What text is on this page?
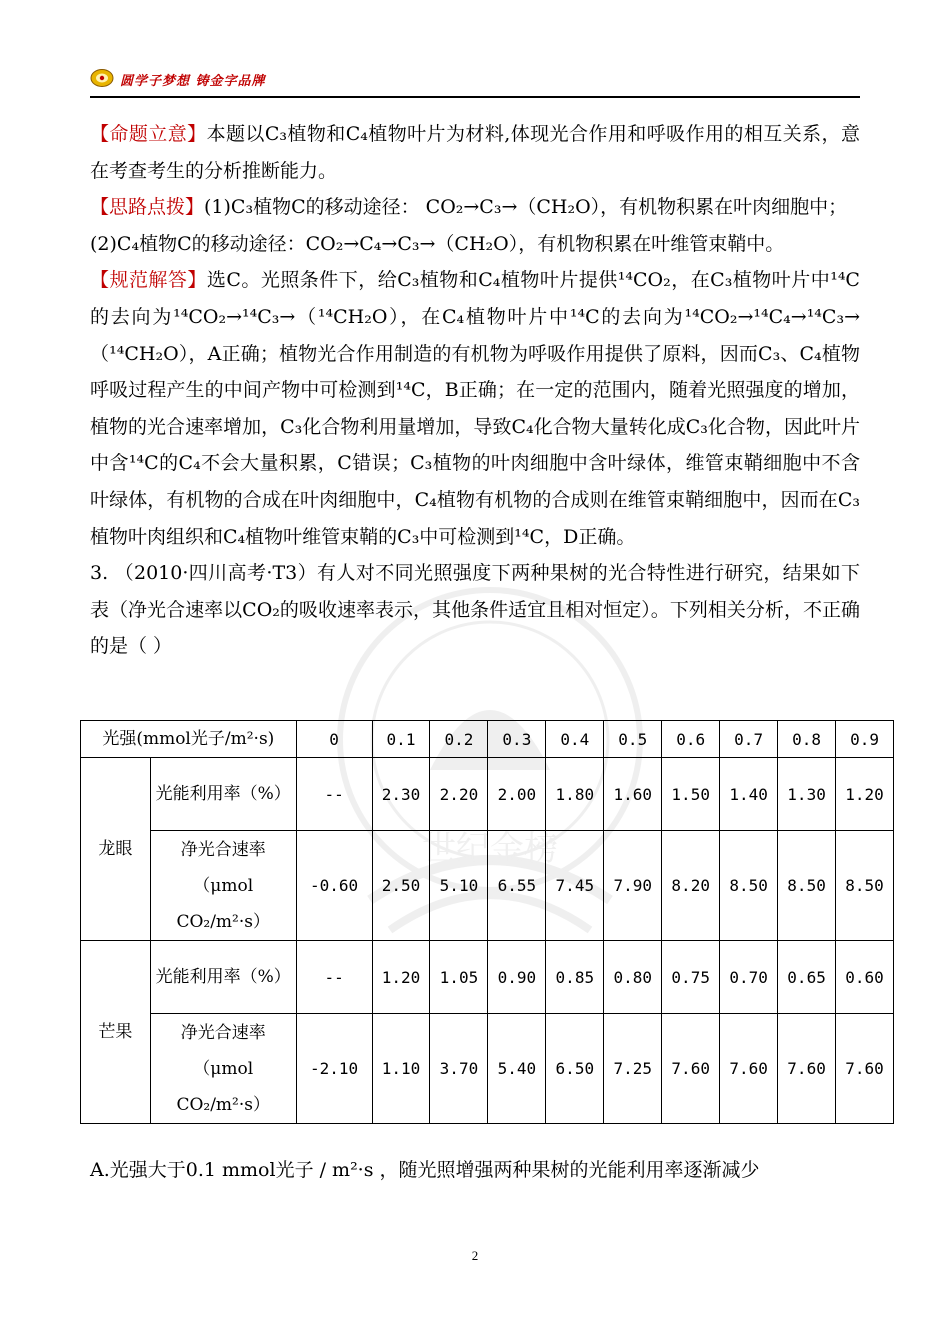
圆学子梦想 铸金字品牌
世纪金榜

【命题立意】本题以C₃植物和C₄植物叶片为材料,体现光合作用和呼吸作用的相互关系，意在考查考生的分析推断能力。

【思路点拨】(1)C₃植物C的移动途径： CO₂→C₃→（CH₂O），有机物积累在叶肉细胞中；

(2)C₄植物C的移动途径：CO₂→C₄→C₃→（CH₂O），有机物积累在叶维管束鞘中。

【规范解答】选C。光照条件下，给C₃植物和C₄植物叶片提供¹⁴CO₂，在C₃植物叶片中¹⁴C的去向为¹⁴CO₂→¹⁴C₃→（¹⁴CH₂O），在C₄植物叶片中¹⁴C的去向为¹⁴CO₂→¹⁴C₄→¹⁴C₃→（¹⁴CH₂O），A正确；植物光合作用制造的有机物为呼吸作用提供了原料，因而C₃、C₄植物呼吸过程产生的中间产物中可检测到¹⁴C，B正确；在一定的范围内，随着光照强度的增加，植物的光合速率增加，C₃化合物利用量增加，导致C₄化合物大量转化成C₃化合物，因此叶片中含¹⁴C的C₄不会大量积累，C错误；C₃植物的叶肉细胞中含叶绿体，维管束鞘细胞中不含叶绿体，有机物的合成在叶肉细胞中，C₄植物有机物的合成则在维管束鞘细胞中，因而在C₃植物叶肉组织和C₄植物叶维管束鞘的C₃中可检测到¹⁴C，D正确。

3. （2010·四川高考·T3）有人对不同光照强度下两种果树的光合特性进行研究，结果如下表（净光合速率以CO₂的吸收速率表示，其他条件适宜且相对恒定）。下列相关分析，不正确的是（ ）

光强(mmol光子/m²·s)		0	0.1	0.2	0.3	0.4	0.5	0.6	0.7	0.8	0.9
龙眼	光能利用率（%）	--	2.30	2.20	2.00	1.80	1.60	1.50	1.40	1.30	1.20
	净光合速率（μmol CO₂/m²·s）	-0.60	2.50	5.10	6.55	7.45	7.90	8.20	8.50	8.50	8.50
芒果	光能利用率（%）	--	1.20	1.05	0.90	0.85	0.80	0.75	0.70	0.65	0.60
	净光合速率（μmol CO₂/m²·s）	-2.10	1.10	3.70	5.40	6.50	7.25	7.60	7.60	7.60	7.60
A.光强大于0.1 mmol光子 / m²·s ，随光照增强两种果树的光能利用率逐渐减少
2
